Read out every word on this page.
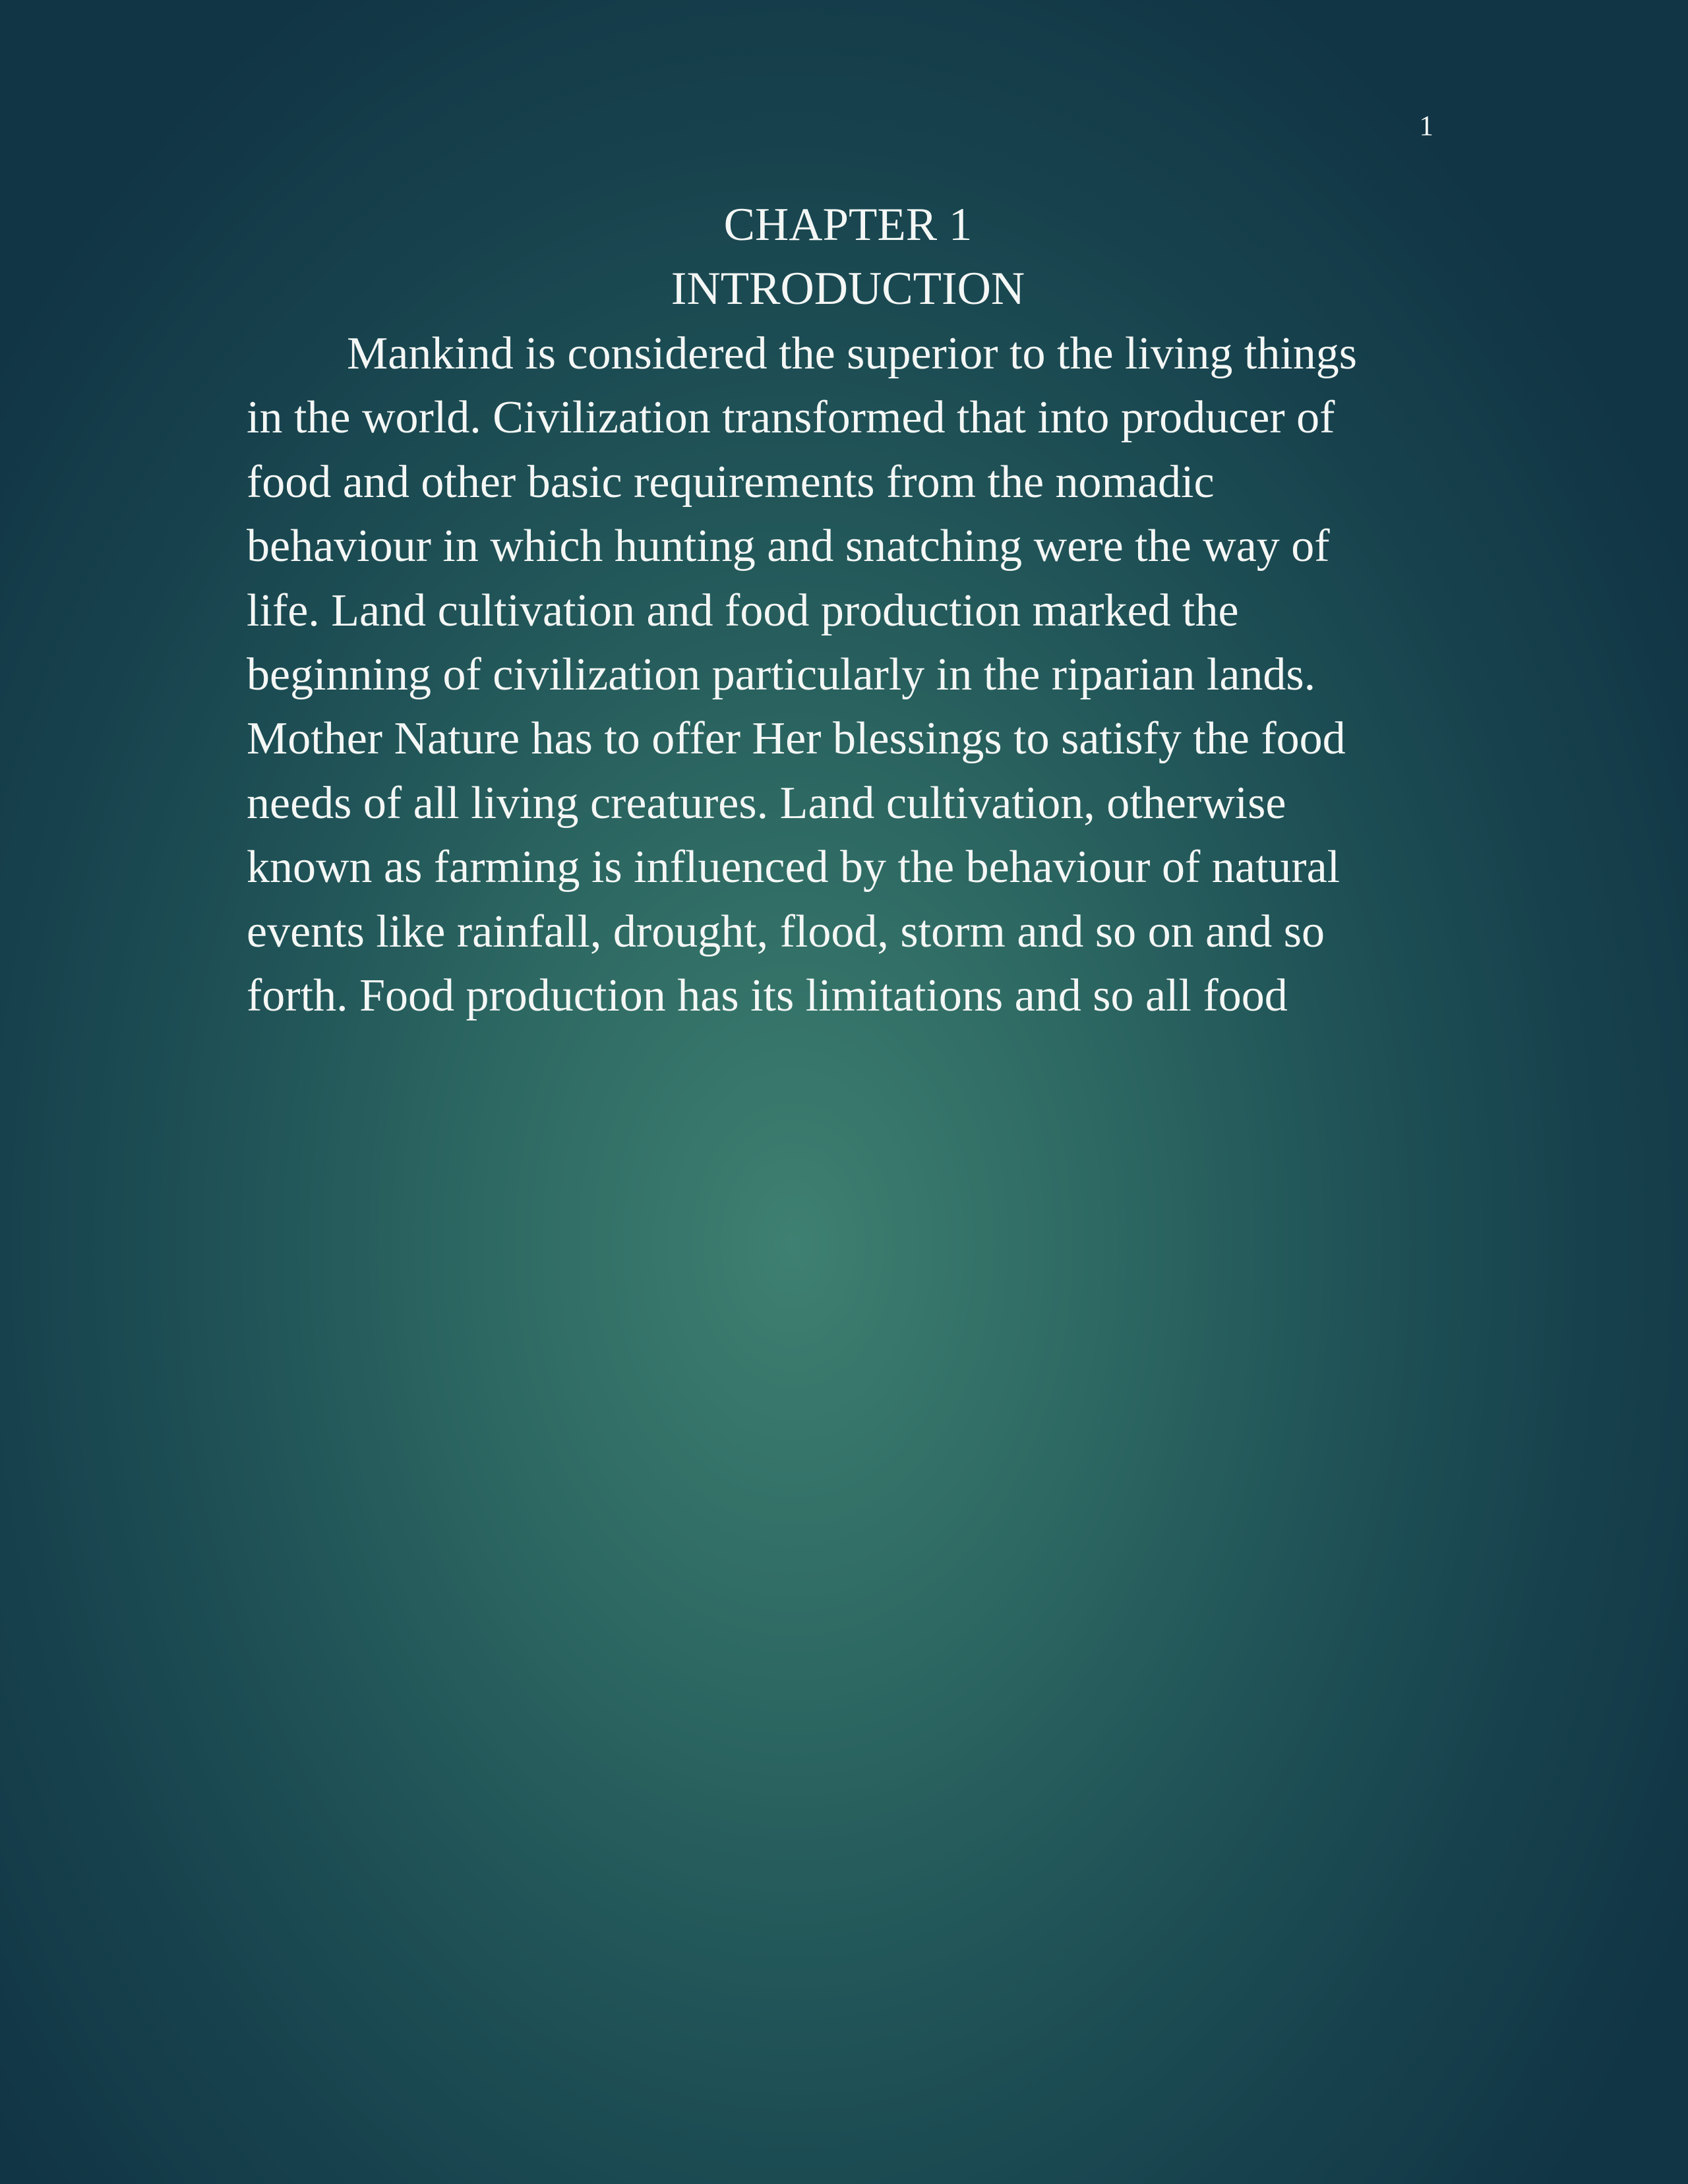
1
CHAPTER 1
INTRODUCTION
Mankind is considered the superior to the living things
in the world. Civilization transformed that into producer of
food and other basic requirements from the nomadic
behaviour in which hunting and snatching were the way of
life. Land cultivation and food production marked the
beginning of civilization particularly in the riparian lands.
Mother Nature has to offer Her blessings to satisfy the food
needs of all living creatures. Land cultivation, otherwise
known as farming is influenced by the behaviour of natural
events like rainfall, drought, flood, storm and so on and so
forth. Food production has its limitations and so all food
